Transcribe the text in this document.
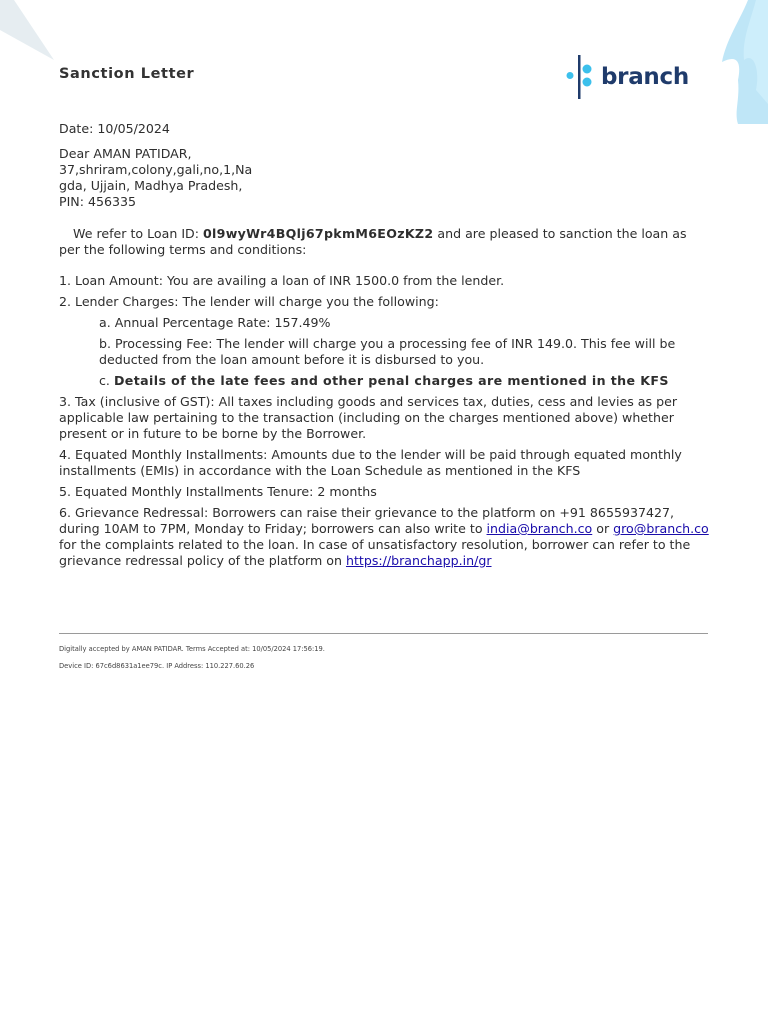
Sanction Letter	branch

Date: 10/05/2024

Dear AMAN PATIDAR,

37,shriram,colony,gali,no,1,Na

gda, Ujjain, Madhya Pradesh,

PIN: 456335

We refer to Loan ID: 0l9wyWr4BQlj67pkmM6EOzKZ2 and are pleased to sanction the loan as per the following terms and conditions:

1. Loan Amount: You are availing a loan of INR 1500.0 from the lender.

2. Lender Charges: The lender will charge you the following:

a. Annual Percentage Rate: 157.49%

b. Processing Fee: The lender will charge you a processing fee of INR 149.0. This fee will be deducted from the loan amount before it is disbursed to you.

c. Details of the late fees and other penal charges are mentioned in the KFS

3. Tax (inclusive of GST): All taxes including goods and services tax, duties, cess and levies as per applicable law pertaining to the transaction (including on the charges mentioned above) whether present or in future to be borne by the Borrower.

4. Equated Monthly Installments: Amounts due to the lender will be paid through equated monthly installments (EMIs) in accordance with the Loan Schedule as mentioned in the KFS

5. Equated Monthly Installments Tenure: 2 months

6. Grievance Redressal: Borrowers can raise their grievance to the platform on +91 8655937427, during 10AM to 7PM, Monday to Friday; borrowers can also write to india@branch.co or gro@branch.co for the complaints related to the loan. In case of unsatisfactory resolution, borrower can refer to the grievance redressal policy of the platform on https://branchapp.in/gr

Digitally accepted by AMAN PATIDAR. Terms Accepted at: 10/05/2024 17:56:19.
Device ID: 67c6d8631a1ee79c. IP Address: 110.227.60.26
